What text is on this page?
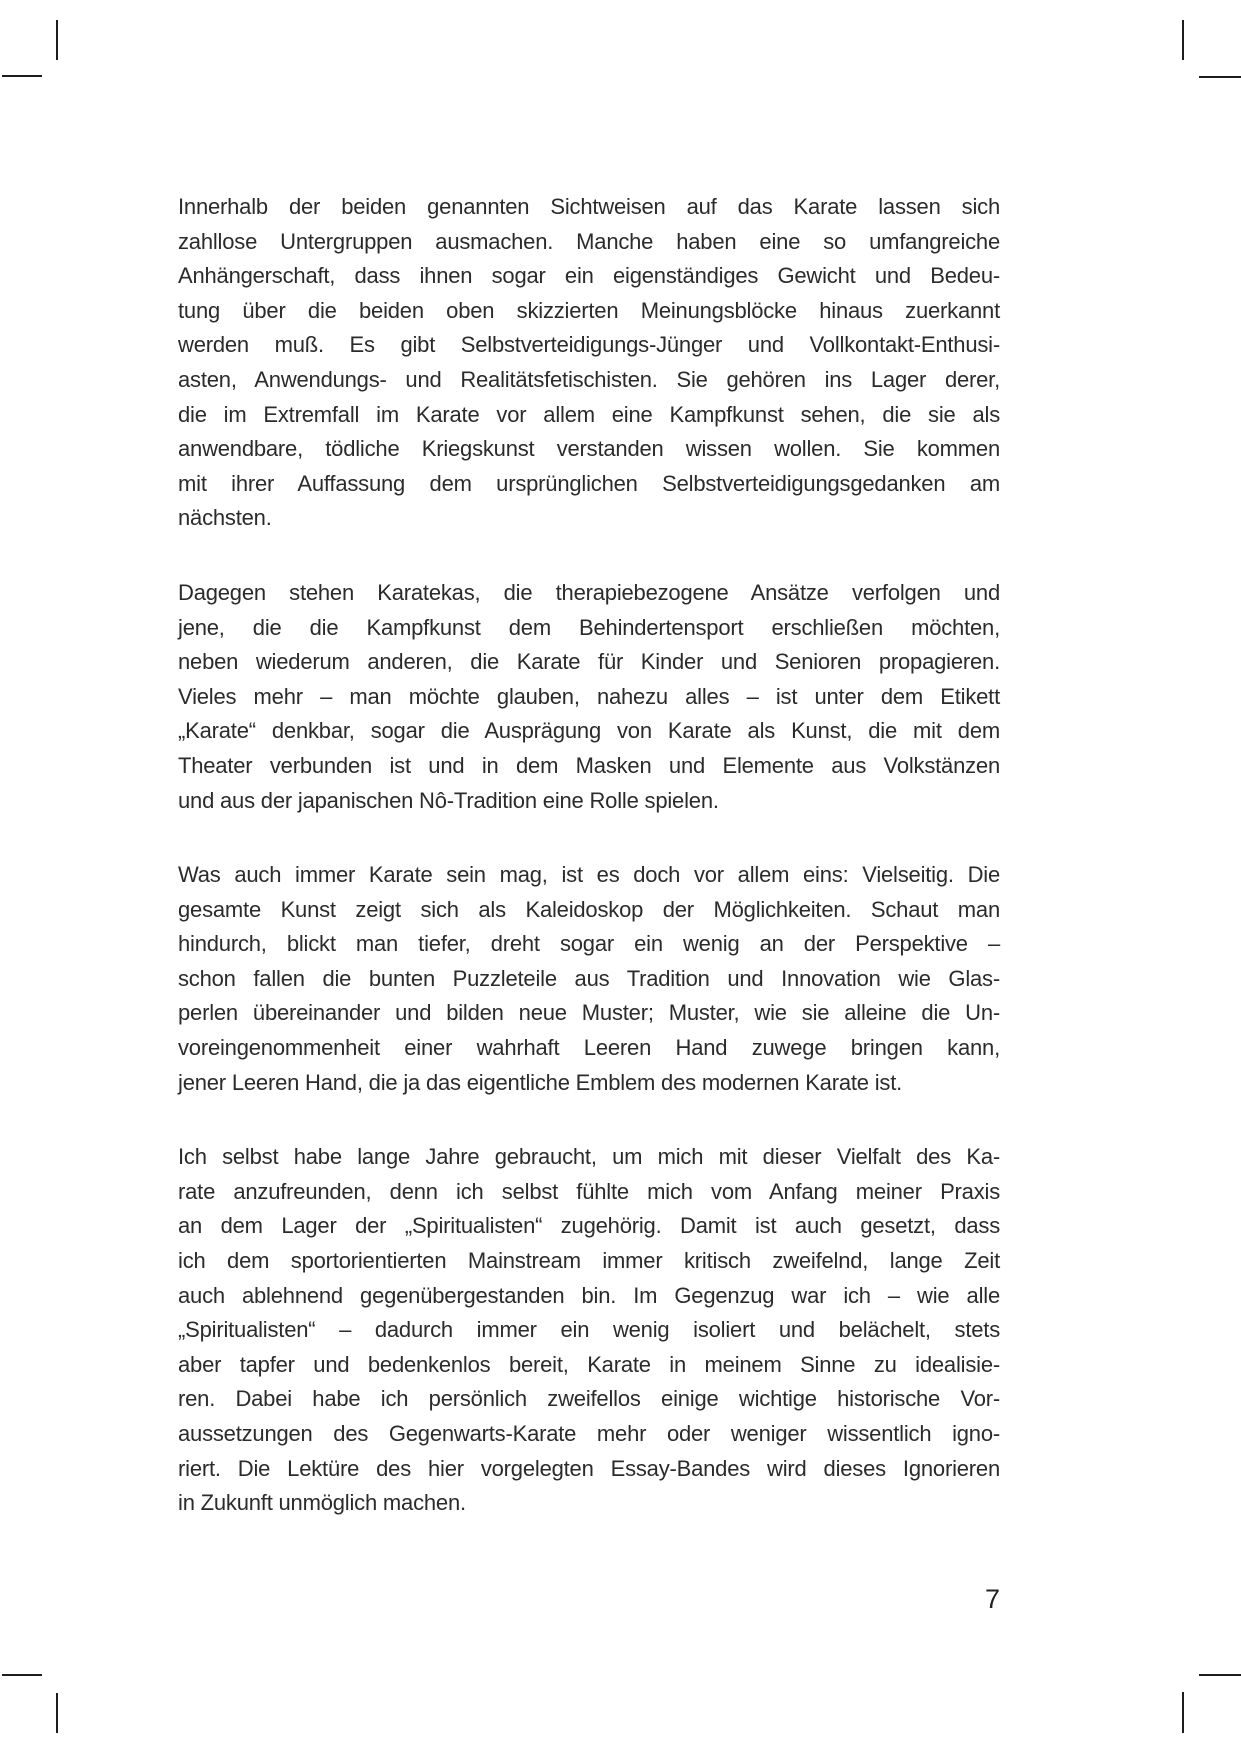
Innerhalb der beiden genannten Sichtweisen auf das Karate lassen sich
zahllose Untergruppen ausmachen. Manche haben eine so umfangreiche
Anhängerschaft, dass ihnen sogar ein eigenständiges Gewicht und Bedeu-
tung über die beiden oben skizzierten Meinungsblöcke hinaus zuerkannt
werden muß. Es gibt Selbstverteidigungs-Jünger und Vollkontakt-Enthusi-
asten, Anwendungs- und Realitätsfetischisten. Sie gehören ins Lager derer,
die im Extremfall im Karate vor allem eine Kampfkunst sehen, die sie als
anwendbare, tödliche Kriegskunst verstanden wissen wollen. Sie kommen
mit ihrer Auffassung dem ursprünglichen Selbstverteidigungsgedanken am
nächsten.
Dagegen stehen Karatekas, die therapiebezogene Ansätze verfolgen und
jene, die die Kampfkunst dem Behindertensport erschließen möchten,
neben wiederum anderen, die Karate für Kinder und Senioren propagieren.
Vieles mehr – man möchte glauben, nahezu alles – ist unter dem Etikett
„Karate“ denkbar, sogar die Ausprägung von Karate als Kunst, die mit dem
Theater verbunden ist und in dem Masken und Elemente aus Volkstänzen
und aus der japanischen Nô-Tradition eine Rolle spielen.
Was auch immer Karate sein mag, ist es doch vor allem eins: Vielseitig. Die
gesamte Kunst zeigt sich als Kaleidoskop der Möglichkeiten. Schaut man
hindurch, blickt man tiefer, dreht sogar ein wenig an der Perspektive –
schon fallen die bunten Puzzleteile aus Tradition und Innovation wie Glas-
perlen übereinander und bilden neue Muster; Muster, wie sie alleine die Un-
voreingenommenheit einer wahrhaft Leeren Hand zuwege bringen kann,
jener Leeren Hand, die ja das eigentliche Emblem des modernen Karate ist.
Ich selbst habe lange Jahre gebraucht, um mich mit dieser Vielfalt des Ka-
rate anzufreunden, denn ich selbst fühlte mich vom Anfang meiner Praxis
an dem Lager der „Spiritualisten“ zugehörig. Damit ist auch gesetzt, dass
ich dem sportorientierten Mainstream immer kritisch zweifelnd, lange Zeit
auch ablehnend gegenübergestanden bin. Im Gegenzug war ich – wie alle
„Spiritualisten“ – dadurch immer ein wenig isoliert und belächelt, stets
aber tapfer und bedenkenlos bereit, Karate in meinem Sinne zu idealisie-
ren. Dabei habe ich persönlich zweifellos einige wichtige historische Vor-
aussetzungen des Gegenwarts-Karate mehr oder weniger wissentlich igno-
riert. Die Lektüre des hier vorgelegten Essay-Bandes wird dieses Ignorieren
in Zukunft unmöglich machen.
7
